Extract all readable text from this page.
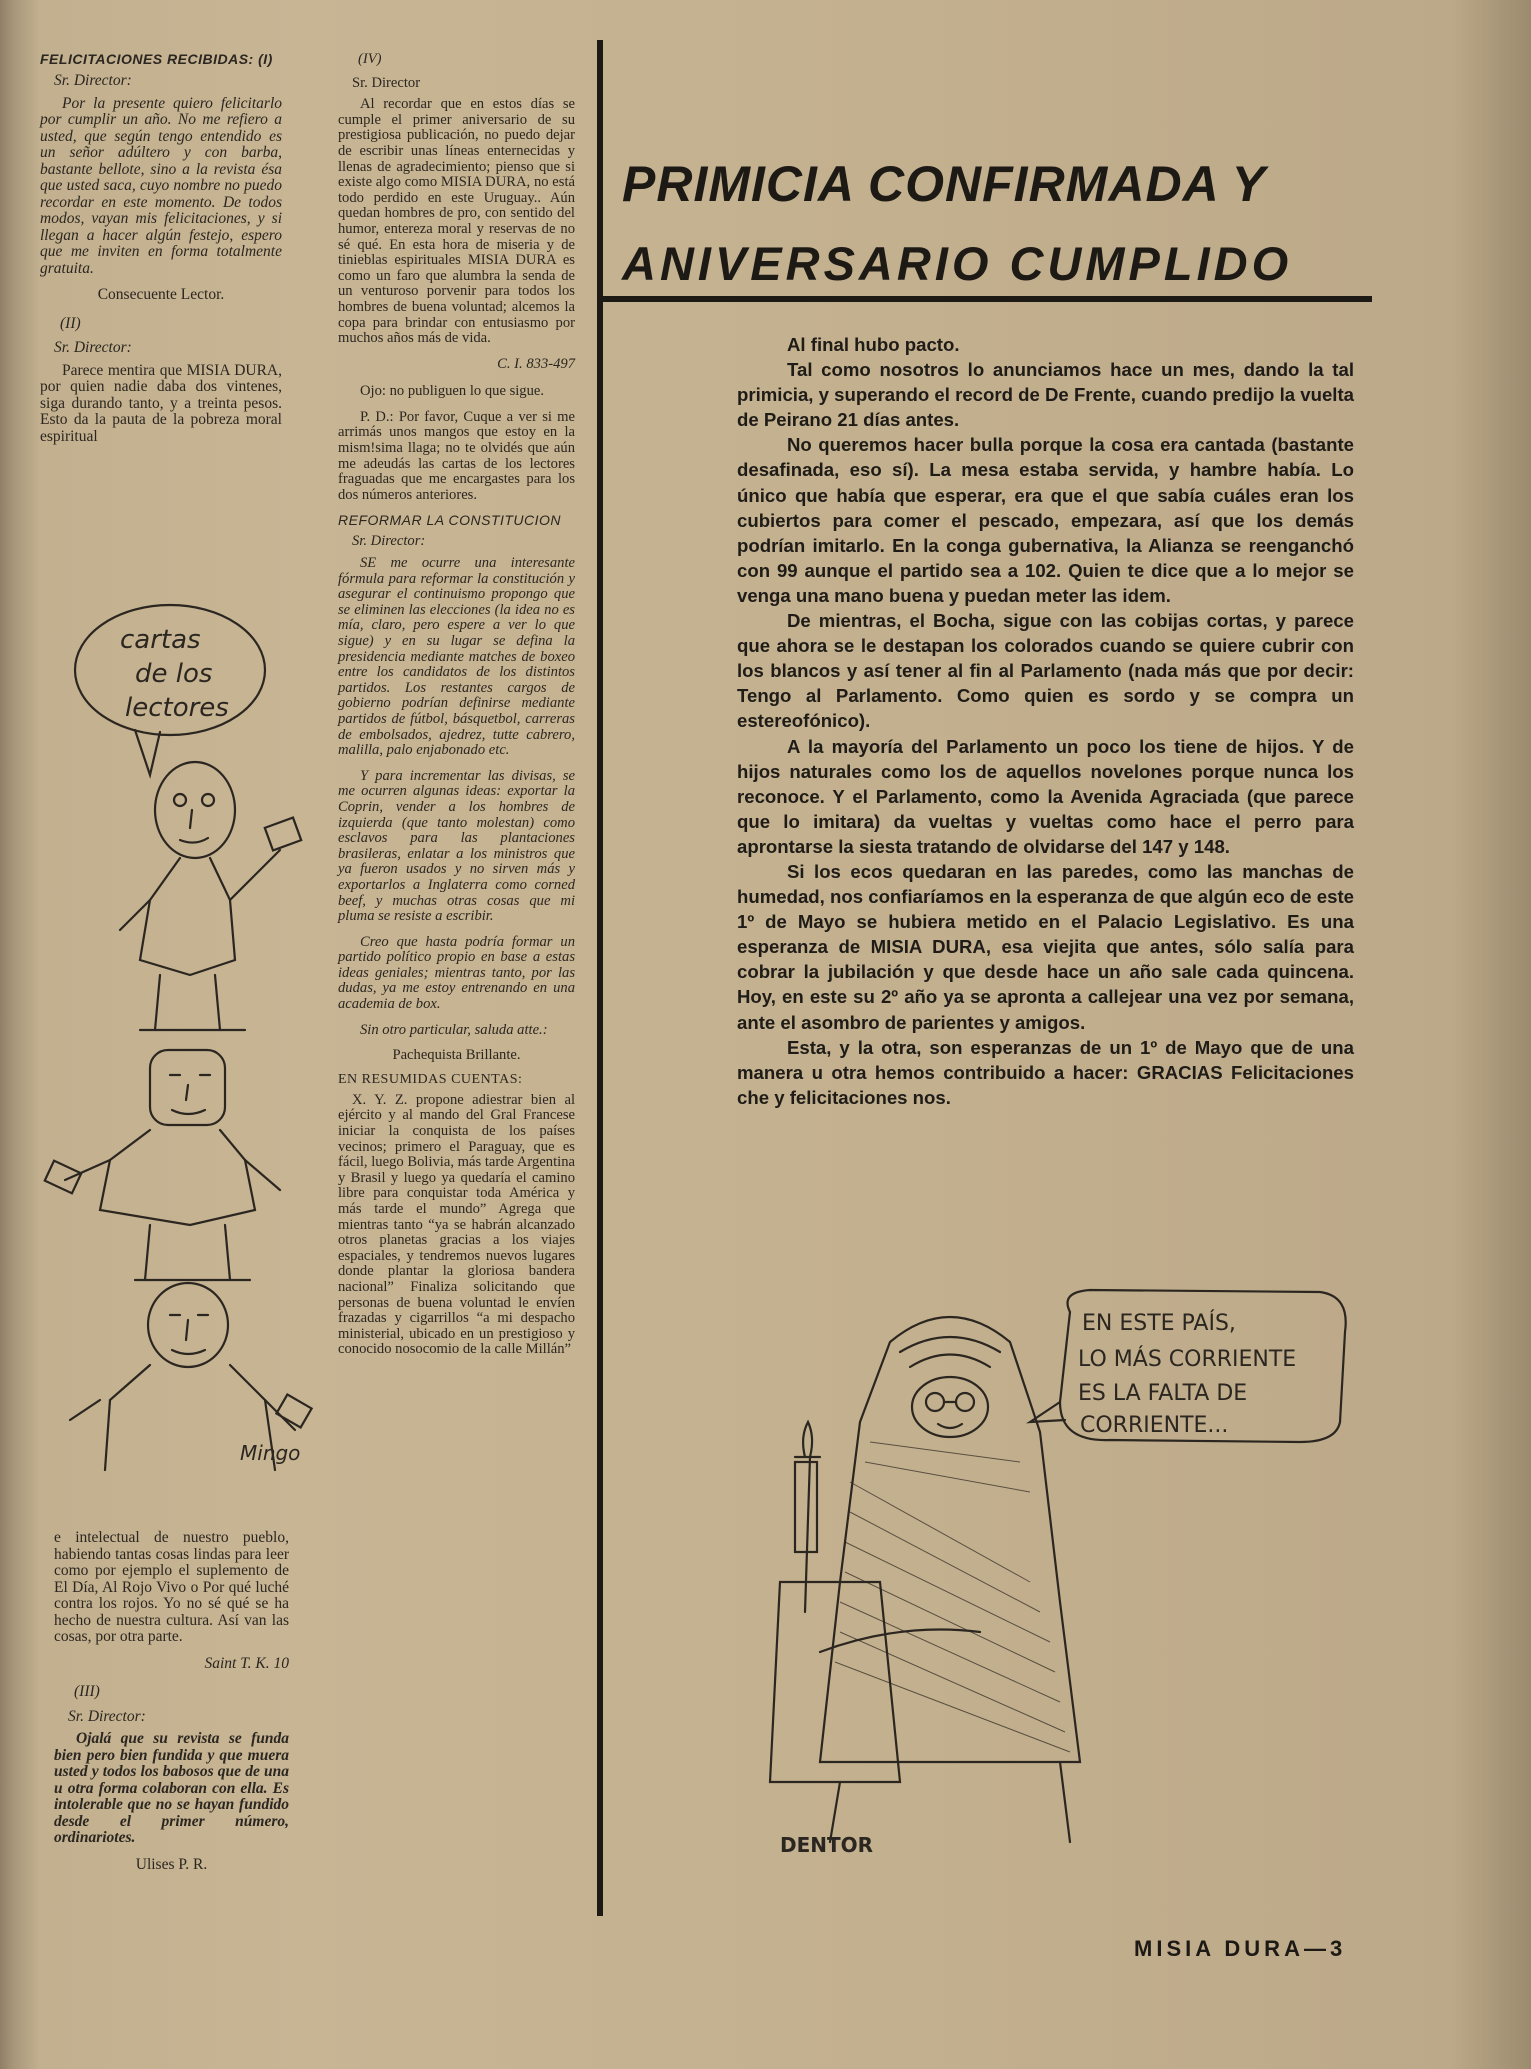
FELICITACIONES RECIBIDAS: (I)
Sr. Director:

Por la presente quiero felicitarlo por cumplir un año. No me refiero a usted, que según tengo entendido es un señor adúltero y con barba, bastante bellote, sino a la revista ésa que usted saca, cuyo nombre no puedo recordar en este momento. De todos modos, vayan mis felicitaciones, y si llegan a hacer algún festejo, espero que me inviten en forma totalmente gratuita.

Consecuente Lector.
(II)
Sr. Director:

Parece mentira que MISIA DURA, por quien nadie daba dos vintenes, siga durando tanto, y a treinta pesos. Esto da la pauta de la pobreza moral espiritual

cartas
de los
lectores
Mingo

e intelectual de nuestro pueblo, habiendo tantas cosas lindas para leer como por ejemplo el suplemento de El Día, Al Rojo Vivo o Por qué luché contra los rojos. Yo no sé qué se ha hecho de nuestra cultura. Así van las cosas, por otra parte.

Saint T. K. 10
(III)
Sr. Director:

Ojalá que su revista se funda bien pero bien fundida y que muera usted y todos los babosos que de una u otra forma colaboran con ella. Es intolerable que no se hayan fundido desde el primer número, ordinariotes.

Ulises P. R.
(IV)
Sr. Director

Al recordar que en estos días se cumple el primer aniversario de su prestigiosa publicación, no puedo dejar de escribir unas líneas enternecidas y llenas de agradecimiento; pienso que si existe algo como MISIA DURA, no está todo perdido en este Uruguay.. Aún quedan hombres de pro, con sentido del humor, entereza moral y reservas de no sé qué. En esta hora de miseria y de tinieblas espirituales MISIA DURA es como un faro que alumbra la senda de un venturoso porvenir para todos los hombres de buena voluntad; alcemos la copa para brindar con entusiasmo por muchos años más de vida.

C. I. 833-497

Ojo: no publiguen lo que sigue.

P. D.: Por favor, Cuque a ver si me arrimás unos mangos que estoy en la mism!sima llaga; no te olvidés que aún me adeudás las cartas de los lectores fraguadas que me encargastes para los dos números anteriores.

REFORMAR LA CONSTITUCION
Sr. Director:

SE me ocurre una interesante fórmula para reformar la constitución y asegurar el continuismo propongo que se eliminen las elecciones (la idea no es mía, claro, pero espere a ver lo que sigue) y en su lugar se defina la presidencia mediante matches de boxeo entre los candidatos de los distintos partidos. Los restantes cargos de gobierno podrían definirse mediante partidos de fútbol, básquetbol, carreras de embolsados, ajedrez, tutte cabrero, malilla, palo enjabonado etc.

Y para incrementar las divisas, se me ocurren algunas ideas: exportar la Coprin, vender a los hombres de izquierda (que tanto molestan) como esclavos para las plantaciones brasileras, enlatar a los ministros que ya fueron usados y no sirven más y exportarlos a Inglaterra como corned beef, y muchas otras cosas que mi pluma se resiste a escribir.

Creo que hasta podría formar un partido político propio en base a estas ideas geniales; mientras tanto, por las dudas, ya me estoy entrenando en una academia de box.

Sin otro particular, saluda atte.:

Pachequista Brillante.
EN RESUMIDAS CUENTAS:

X. Y. Z. propone adiestrar bien al ejército y al mando del Gral Francese iniciar la conquista de los países vecinos; primero el Paraguay, que es fácil, luego Bolivia, más tarde Argentina y Brasil y luego ya quedaría el camino libre para conquistar toda América y más tarde el mundo” Agrega que mientras tanto “ya se habrán alcanzado otros planetas gracias a los viajes espaciales, y tendremos nuevos lugares donde plantar la gloriosa bandera nacional” Finaliza solicitando que personas de buena voluntad le envíen frazadas y cigarrillos “a mi despacho ministerial, ubicado en un prestigioso y conocido nosocomio de la calle Millán”

PRIMICIA CONFIRMADA Y
ANIVERSARIO CUMPLIDO

Al final hubo pacto.

Tal como nosotros lo anunciamos hace un mes, dando la tal primicia, y superando el record de De Frente, cuando predijo la vuelta de Peirano 21 días antes.

No queremos hacer bulla porque la cosa era cantada (bastante desafinada, eso sí). La mesa estaba servida, y hambre había. Lo único que había que esperar, era que el que sabía cuáles eran los cubiertos para comer el pescado, empezara, así que los demás podrían imitarlo. En la conga gubernativa, la Alianza se reenganchó con 99 aunque el partido sea a 102. Quien te dice que a lo mejor se venga una mano buena y puedan meter las idem.

De mientras, el Bocha, sigue con las cobijas cortas, y parece que ahora se le destapan los colorados cuando se quiere cubrir con los blancos y así tener al fin al Parlamento (nada más que por decir: Tengo al Parlamento. Como quien es sordo y se compra un estereofónico).

A la mayoría del Parlamento un poco los tiene de hijos. Y de hijos naturales como los de aquellos novelones porque nunca los reconoce. Y el Parlamento, como la Avenida Agraciada (que parece que lo imitara) da vueltas y vueltas como hace el perro para aprontarse la siesta tratando de olvidarse del 147 y 148.

Si los ecos quedaran en las paredes, como las manchas de humedad, nos confiaríamos en la esperanza de que algún eco de este 1º de Mayo se hubiera metido en el Palacio Legislativo. Es una esperanza de MISIA DURA, esa viejita que antes, sólo salía para cobrar la jubilación y que desde hace un año sale cada quincena. Hoy, en este su 2º año ya se apronta a callejear una vez por semana, ante el asombro de parientes y amigos.

Esta, y la otra, son esperanzas de un 1º de Mayo que de una manera u otra hemos contribuido a hacer: GRACIAS Felicitaciones che y felicitaciones nos.

EN ESTE PAÍS,
LO MÁS CORRIENTE
ES LA FALTA DE
CORRIENTE...
DENTOR
MISIA DURA—3
